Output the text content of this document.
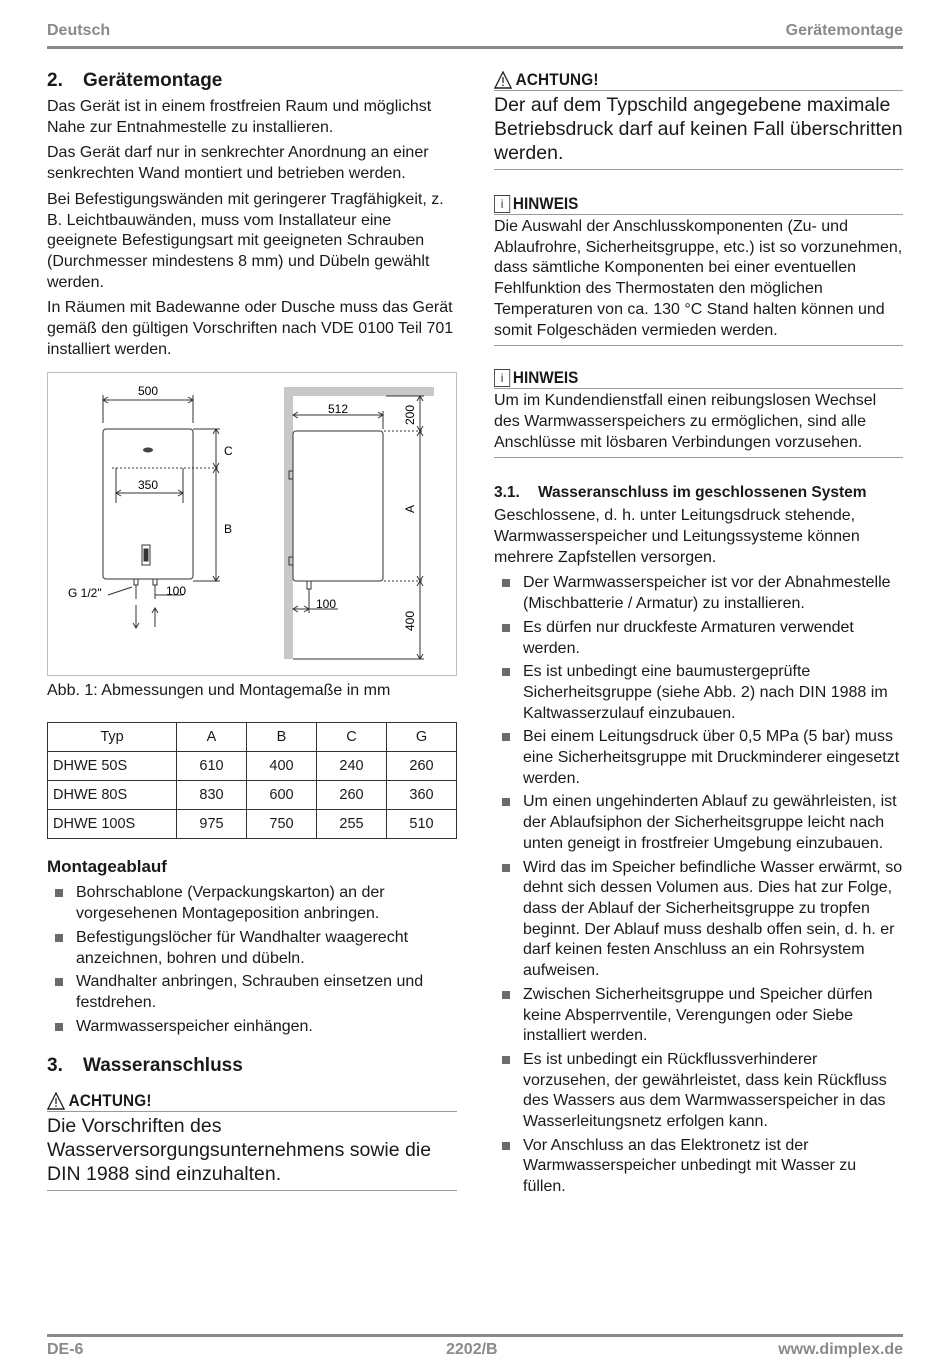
Deutsch	Gerätemontage
2. Gerätemontage

Das Gerät ist in einem frostfreien Raum und möglichst Nahe zur Entnahmestelle zu installieren.

Das Gerät darf nur in senkrechter Anordnung an einer senkrechten Wand montiert und betrieben werden.

Bei Befestigungswänden mit geringerer Tragfähigkeit, z. B. Leichtbauwänden, muss vom Installateur eine geeignete Befestigungsart mit geeigneten Schrauben (Durchmesser mindestens 8 mm) und Dübeln gewählt werden.

In Räumen mit Badewanne oder Dusche muss das Gerät gemäß den gültigen Vorschriften nach VDE 0100 Teil 701 installiert werden.

500
350
C
B
G 1/2"	100
512	200
A
100
400

Abb. 1: Abmessungen und Montagemaße in mm

Typ	A	B	C	G
DHWE 50S	610	400	240	260
DHWE 80S	830	600	260	360
DHWE 100S	975	750	255	510
Montageablauf
Bohrschablone (Verpackungskarton) an der vorgesehenen Montageposition anbringen.
Befestigungslöcher für Wandhalter waagerecht anzeichnen, bohren und dübeln.
Wandhalter anbringen, Schrauben einsetzen und festdrehen.
Warmwasserspeicher einhängen.
3. Wasseranschluss
ACHTUNG!

Die Vorschriften des Wasserversorgungsunternehmens sowie die DIN 1988 sind einzuhalten.

ACHTUNG!

Der auf dem Typschild angegebene maximale Betriebsdruck darf auf keinen Fall überschritten werden.

i HINWEIS

Die Auswahl der Anschlusskomponenten (Zu- und Ablaufrohre, Sicherheitsgruppe, etc.) ist so vorzunehmen, dass sämtliche Komponenten bei einer eventuellen Fehlfunktion des Thermostaten den möglichen Temperaturen von ca. 130 °C Stand halten können und somit Folgeschäden vermieden werden.

i HINWEIS

Um im Kundendienstfall einen reibungslosen Wechsel des Warmwasserspeichers zu ermöglichen, sind alle Anschlüsse mit lösbaren Verbindungen vorzusehen.

3.1. Wasseranschluss im geschlossenen System

Geschlossene, d. h. unter Leitungsdruck stehende, Warmwasserspeicher und Leitungssysteme können mehrere Zapfstellen versorgen.

Der Warmwasserspeicher ist vor der Abnahmestelle (Mischbatterie / Armatur) zu installieren.
Es dürfen nur druckfeste Armaturen verwendet werden.
Es ist unbedingt eine baumustergeprüfte Sicherheitsgruppe (siehe Abb. 2) nach DIN 1988 im Kaltwasserzulauf einzubauen.
Bei einem Leitungsdruck über 0,5 MPa (5 bar) muss eine Sicherheitsgruppe mit Druckminderer eingesetzt werden.
Um einen ungehinderten Ablauf zu gewährleisten, ist der Ablaufsiphon der Sicherheitsgruppe leicht nach unten geneigt in frostfreier Umgebung einzubauen.
Wird das im Speicher befindliche Wasser erwärmt, so dehnt sich dessen Volumen aus. Dies hat zur Folge, dass der Ablauf der Sicherheitsgruppe zu tropfen beginnt. Der Ablauf muss deshalb offen sein, d. h. er darf keinen festen Anschluss an ein Rohrsystem aufweisen.
Zwischen Sicherheitsgruppe und Speicher dürfen keine Absperrventile, Verengungen oder Siebe installiert werden.
Es ist unbedingt ein Rückflussverhinderer vorzusehen, der gewährleistet, dass kein Rückfluss des Wassers aus dem Warmwasserspeicher in das Wasserleitungsnetz erfolgen kann.
Vor Anschluss an das Elektronetz ist der Warmwasserspeicher unbedingt mit Wasser zu füllen.
DE-6	2202/B	www.dimplex.de
